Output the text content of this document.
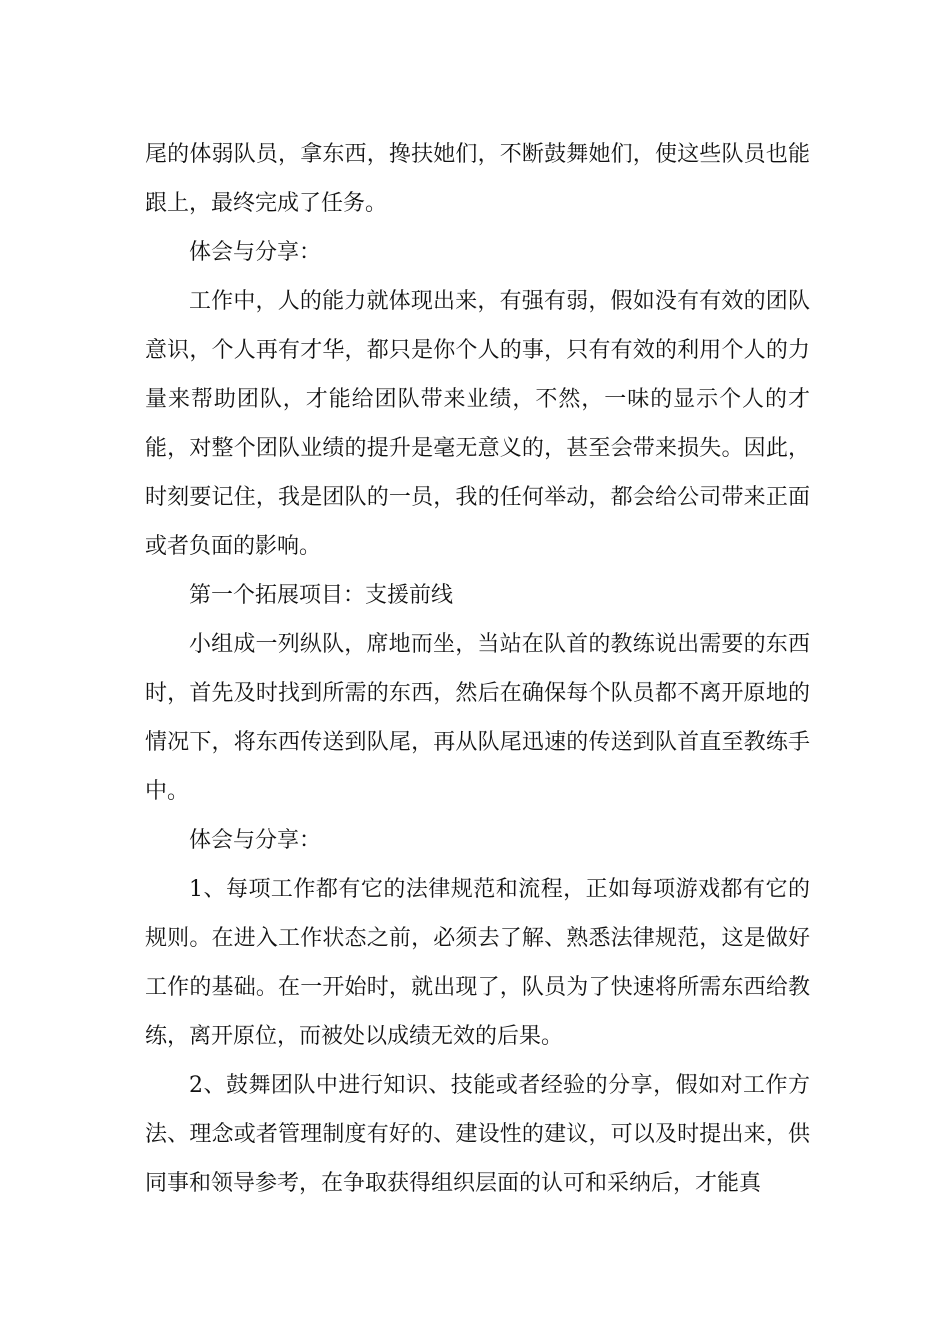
尾的体弱队员，拿东西，搀扶她们，不断鼓舞她们，使这些队员也能跟上，最终完成了任务。

体会与分享：

工作中，人的能力就体现出来，有强有弱，假如没有有效的团队意识，个人再有才华，都只是你个人的事，只有有效的利用个人的力量来帮助团队，才能给团队带来业绩，不然，一味的显示个人的才能，对整个团队业绩的提升是毫无意义的，甚至会带来损失。因此，时刻要记住，我是团队的一员，我的任何举动，都会给公司带来正面或者负面的影响。

第一个拓展项目：支援前线

小组成一列纵队，席地而坐，当站在队首的教练说出需要的东西时，首先及时找到所需的东西，然后在确保每个队员都不离开原地的情况下，将东西传送到队尾，再从队尾迅速的传送到队首直至教练手中。

体会与分享：

1、每项工作都有它的法律规范和流程，正如每项游戏都有它的规则。在进入工作状态之前，必须去了解、熟悉法律规范，这是做好工作的基础。在一开始时，就出现了，队员为了快速将所需东西给教练，离开原位，而被处以成绩无效的后果。

2、鼓舞团队中进行知识、技能或者经验的分享，假如对工作方法、理念或者管理制度有好的、建设性的建议，可以及时提出来，供同事和领导参考，在争取获得组织层面的认可和采纳后，才能真
